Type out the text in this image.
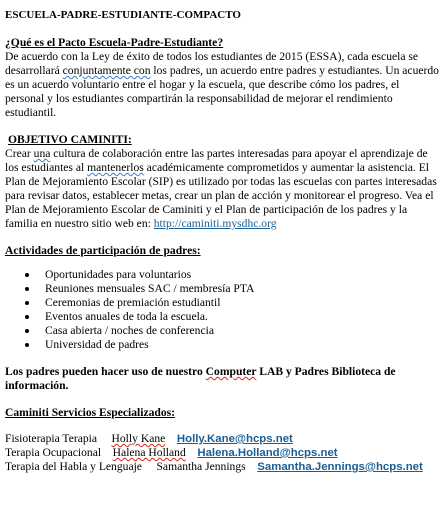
ESCUELA-PADRE-ESTUDIANTE-COMPACTO
¿Qué es el Pacto Escuela-Padre-Estudiante?

De acuerdo con la Ley de éxito de todos los estudiantes de 2015 (ESSA), cada escuela se desarrollará conjuntamente con los padres, un acuerdo entre padres y estudiantes. Un acuerdo es un acuerdo voluntario entre el hogar y la escuela, que describe cómo los padres, el personal y los estudiantes compartirán la responsabilidad de mejorar el rendimiento estudiantil.

OBJETIVO CAMINITI:

Crear una cultura de colaboración entre las partes interesadas para apoyar el aprendizaje de los estudiantes al mantenerlos académicamente comprometidos y aumentar la asistencia. El Plan de Mejoramiento Escolar (SIP) es utilizado por todas las escuelas con partes interesadas para revisar datos, establecer metas, crear un plan de acción y monitorear el progreso. Vea el Plan de Mejoramiento Escolar de Caminiti y el Plan de participación de los padres y la familia en nuestro sitio web en: http://caminiti.mysdhc.org

Actividades de participación de padres:

Oportunidades para voluntarios
Reuniones mensuales SAC / membresía PTA
Ceremonias de premiación estudiantil
Eventos anuales de toda la escuela.
Casa abierta / noches de conferencia
Universidad de padres

Los padres pueden hacer uso de nuestro Computer LAB y Padres Biblioteca de información.

Caminiti Servicios Especializados:

Fisioterapia Terapia Holly Kane Holly.Kane@hcps.net
Terapia Ocupacional Halena Holland Halena.Holland@hcps.net
Terapia del Habla y Lenguaje Samantha Jennings Samantha.Jennings@hcps.net
